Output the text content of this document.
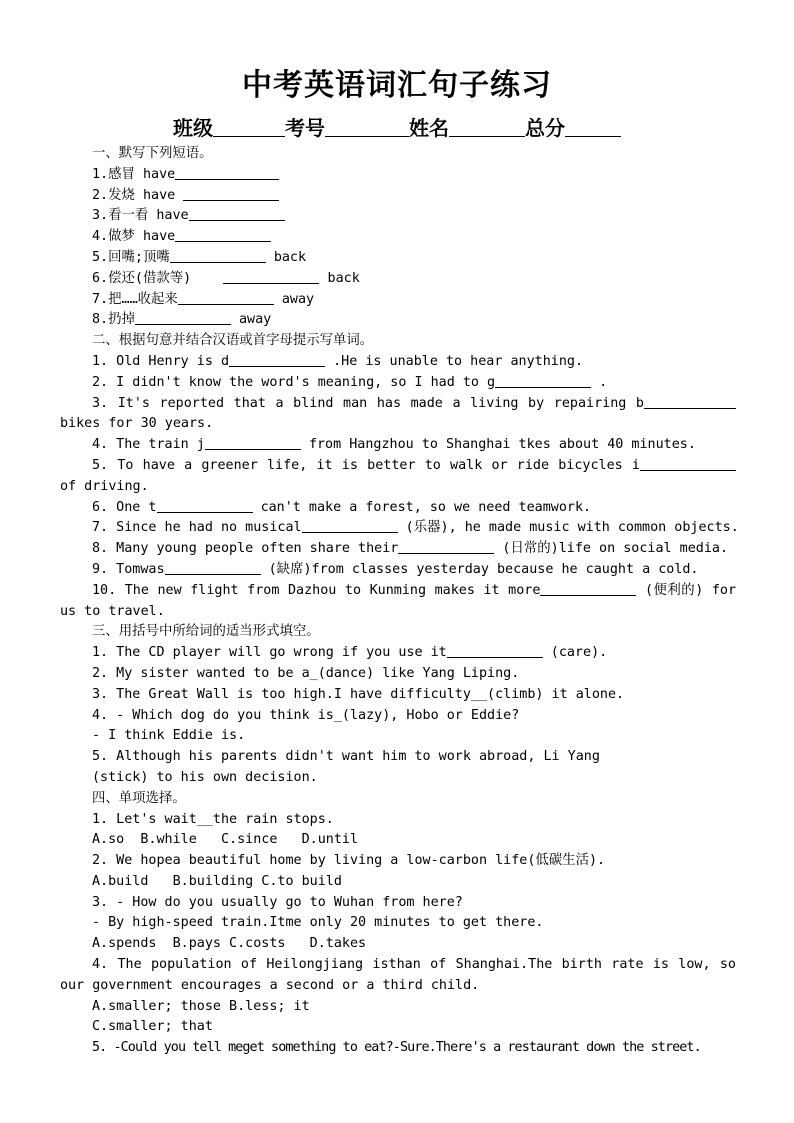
中考英语词汇句子练习
班级	考号	姓名	总分
一、默写下列短语。
1.感冒 have
2.发烧 have
3.看一看 have
4.做梦 have
5.回嘴;顶嘴	back
6.偿还(借款等)	back
7.把……收起来	away
8.扔掉	away
二、根据句意并结合汉语或首字母提示写单词。
1. Old Henry is d	.He is unable to hear anything.
2. I didn't know the word's meaning, so I had to g	.
3. It's reported that a blind man has made a living by repairing b bikes for 30 years.
4. The train j	from Hangzhou to Shanghai tkes about 40 minutes.
5. To have a greener life, it is better to walk or ride bicycles i of driving.
6. One t	can't make a forest, so we need teamwork.
7. Since he had no musical	(乐器), he made music with common objects.
8. Many young people often share their	(日常的)life on social media.
9. Tomwas	(缺席)from classes yesterday because he caught a cold.
10. The new flight from Dazhou to Kunming makes it more	(便利的) for us to travel.
三、用括号中所给词的适当形式填空。
1. The CD player will go wrong if you use it	(care).
2. My sister wanted to be a_(dance) like Yang Liping.
3. The Great Wall is too high.I have difficulty__(climb) it alone.
4. - Which dog do you think is_(lazy), Hobo or Eddie?
- I think Eddie is.
5. Although his parents didn't want him to work abroad, Li Yang
(stick) to his own decision.
四、单项选择。
1. Let's wait__the rain stops.
A.so  B.while   C.since   D.until
2. We hopea beautiful home by living a low-carbon life(低碳生活).
A.build   B.building C.to build
3. - How do you usually go to Wuhan from here?
- By high-speed train.Itme only 20 minutes to get there.
A.spends  B.pays C.costs   D.takes
4. The population of Heilongjiang isthan of Shanghai.The birth rate is low, so our government encourages a second or a third child.
A.smaller; those B.less; it
C.smaller; that
5. -Could you tell meget something to eat?-Sure.There's a restaurant down the street.
